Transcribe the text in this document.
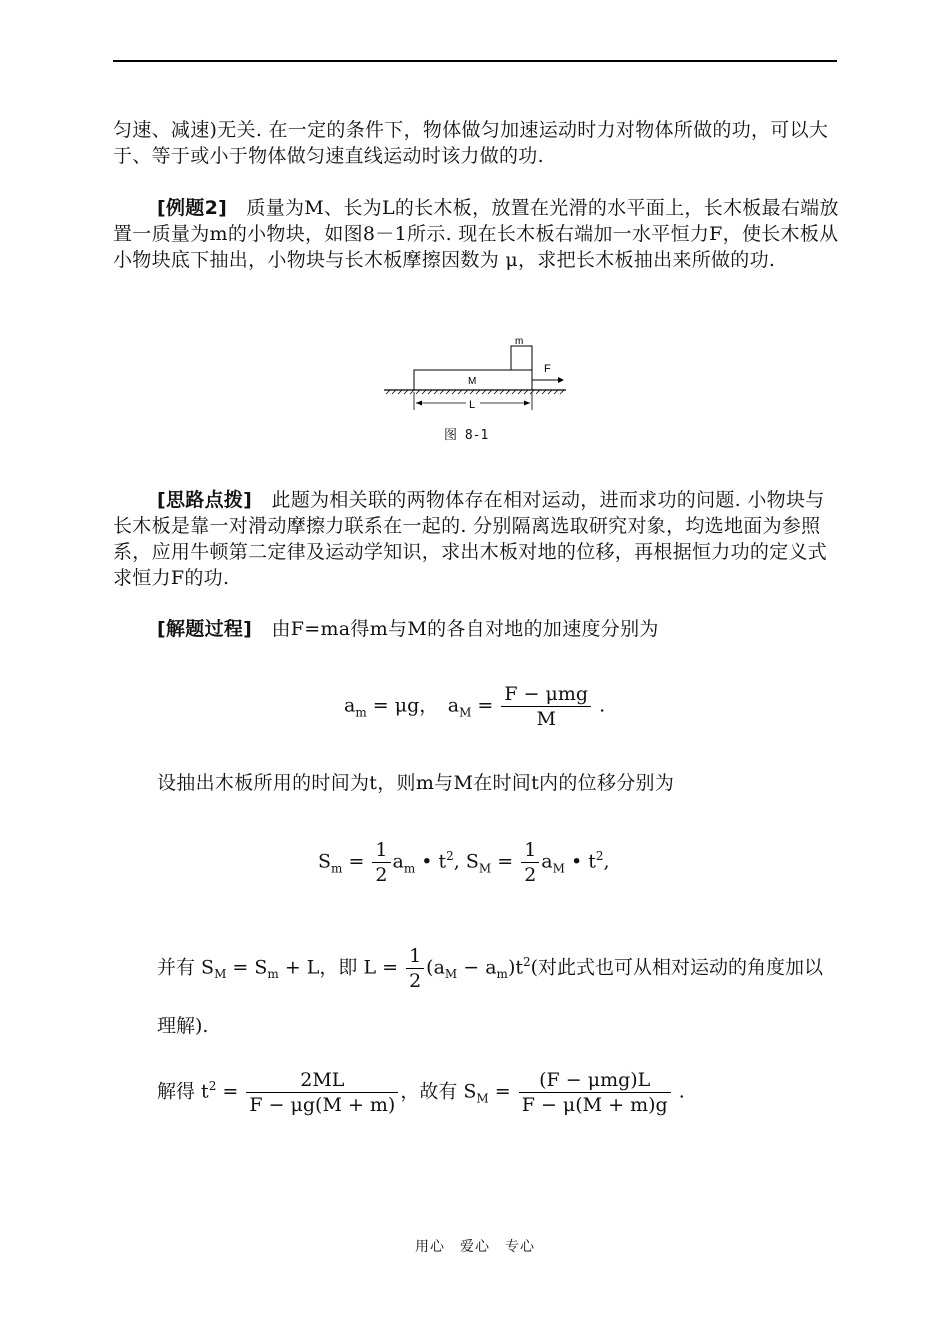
匀速、减速)无关. 在一定的条件下，物体做匀加速运动时力对物体所做的功，可以大于、等于或小于物体做匀速直线运动时该力做的功.
[例题2]　 质量为M、长为L的长木板，放置在光滑的水平面上，长木板最右端放置一质量为m的小物块，如图8－1所示. 现在长木板右端加一水平恒力F，使长木板从小物块底下抽出，小物块与长木板摩擦因数为 μ，求把长木板抽出来所做的功.
m
M
F
L
图 8-1
[思路点拨]　 此题为相关联的两物体存在相对运动，进而求功的问题. 小物块与长木板是靠一对滑动摩擦力联系在一起的. 分别隔离选取研究对象，均选地面为参照系，应用牛顿第二定律及运动学知识，求出木板对地的位移，再根据恒力功的定义式求恒力F的功.
[解题过程]　 由F=ma得m与M的各自对地的加速度分别为
$a_m = \mu g$，　$a_M = \frac{\text{F − μmg}}{M}$ .
设抽出木板所用的时间为t，则m与M在时间t内的位移分别为
$S_m = \frac{1}{2} a_m$ • $t^2$, $S_M = \frac{1}{2} a_M$ • $t^2$,
并有 $S_M = S_m + L$，即 $L = \frac{1}{2} (a_M - a_m)t^2$(对此式也可从相对运动的角度加以理解).
解得 $t^2 = \frac{2ML}{F - \mu g(M + m)}$ ，故有 $S_M = \frac{\text{(F − μmg)L}}{F - \mu(M + m)g}$ .
用心　爱心　专心
